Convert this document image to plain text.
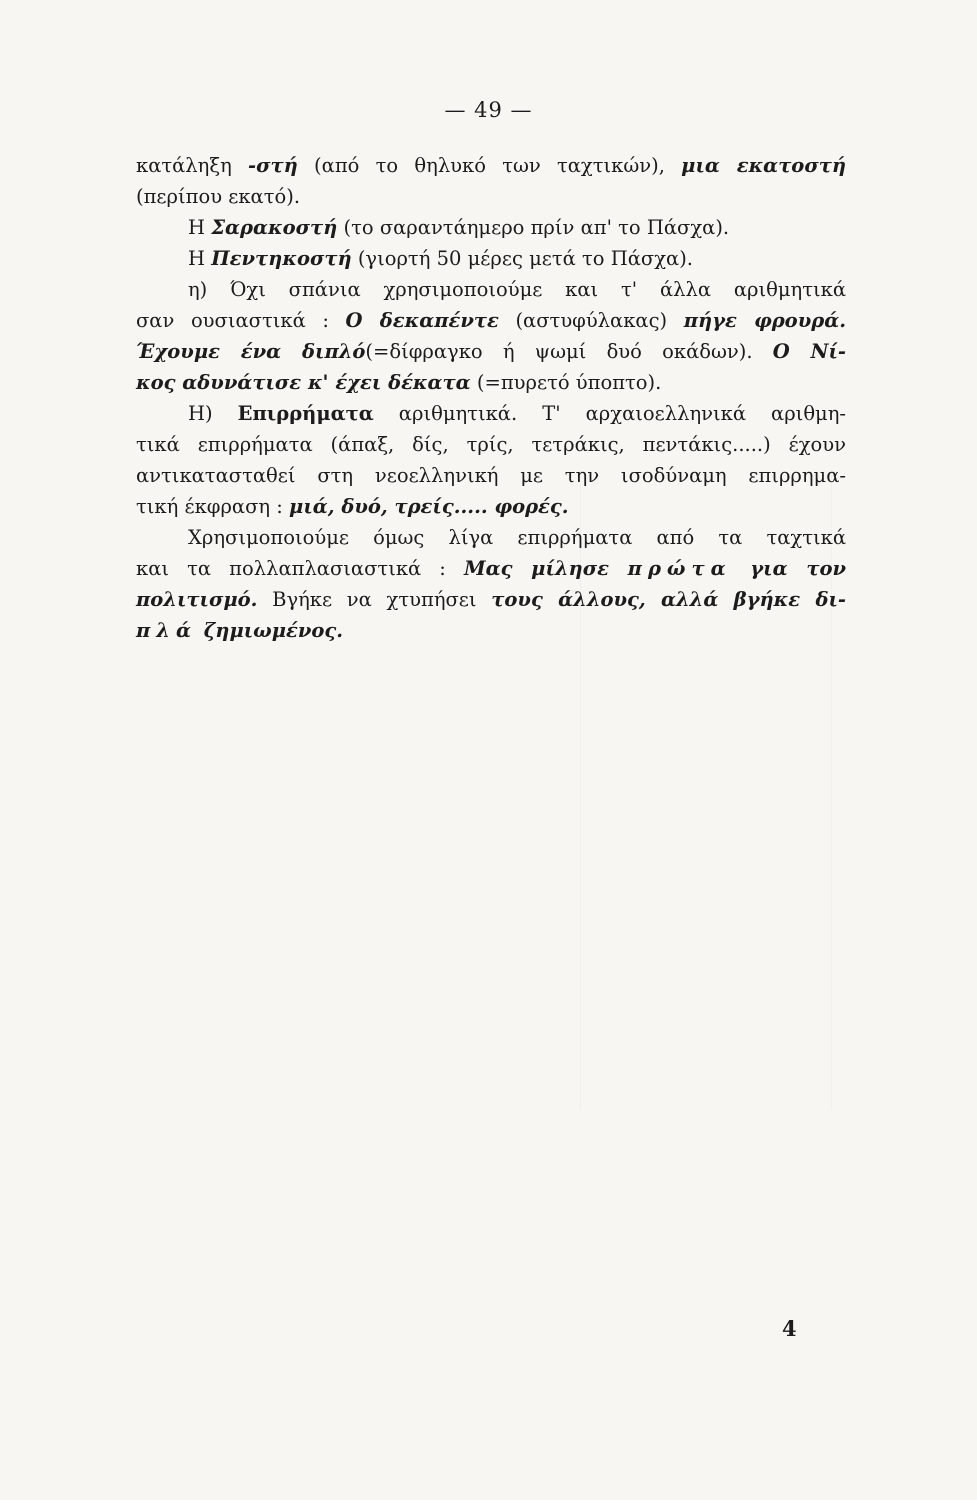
— 49 —
κατάληξη -στή (από το θηλυκό των ταχτικών), μια εκατοστή
(περίπου εκατό).
Η Σαρακοστή (το σαραντάημερο πρίν απ' το Πάσχα).
Η Πεντηκοστή (γιορτή 50 μέρες μετά το Πάσχα).
η) Όχι σπάνια χρησιμοποιούμε και τ' άλλα αριθμητικά
σαν ουσιαστικά : Ο δεκαπέντε (αστυφύλακας) πήγε φρουρά.
Έχουμε ένα διπλό(=δίφραγκο ή ψωμί δυό οκάδων). Ο Νί-
κος αδυνάτισε κ' έχει δέκατα (=πυρετό ύποπτο).
Η) Επιρρήματα αριθμητικά. Τ' αρχαιοελληνικά αριθμη-
τικά επιρρήματα (άπαξ, δίς, τρίς, τετράκις, πεντάκις.....) έχουν
αντικατασταθεί στη νεοελληνική με την ισοδύναμη επιρρημα-
τική έκφραση : μιά, δυό, τρείς..... φορές.
Χρησιμοποιούμε όμως λίγα επιρρήματα από τα ταχτικά
και τα πολλαπλασιαστικά : Μας μίλησε πρώτα για τον
πολιτισμό. Βγήκε να χτυπήσει τους άλλους, αλλά βγήκε δι-
πλά ζημιωμένος.
4
